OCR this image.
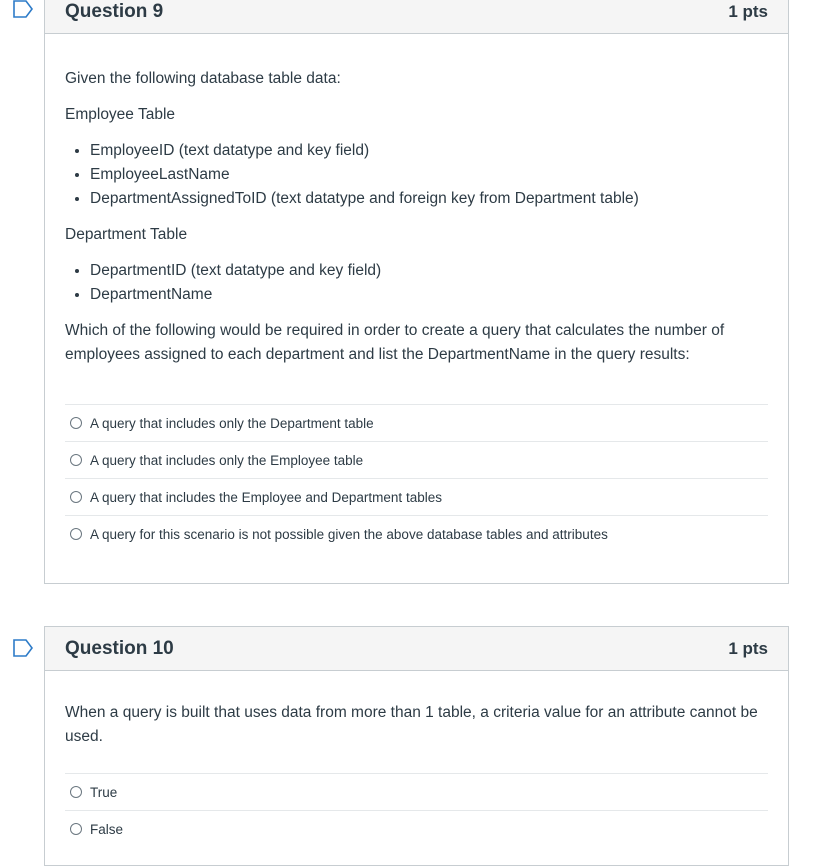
Question 9	1 pts

Given the following database table data:

Employee Table

• EmployeeID (text datatype and key field)
• EmployeeLastName
• DepartmentAssignedToID (text datatype and foreign key from Department table)

Department Table

• DepartmentID (text datatype and key field)
• DepartmentName

Which of the following would be required in order to create a query that calculates the number of employees assigned to each department and list the DepartmentName in the query results:

A query that includes only the Department table
A query that includes only the Employee table
A query that includes the Employee and Department tables
A query for this scenario is not possible given the above database tables and attributes
Question 10	1 pts

When a query is built that uses data from more than 1 table, a criteria value for an attribute cannot be used.

True
False
